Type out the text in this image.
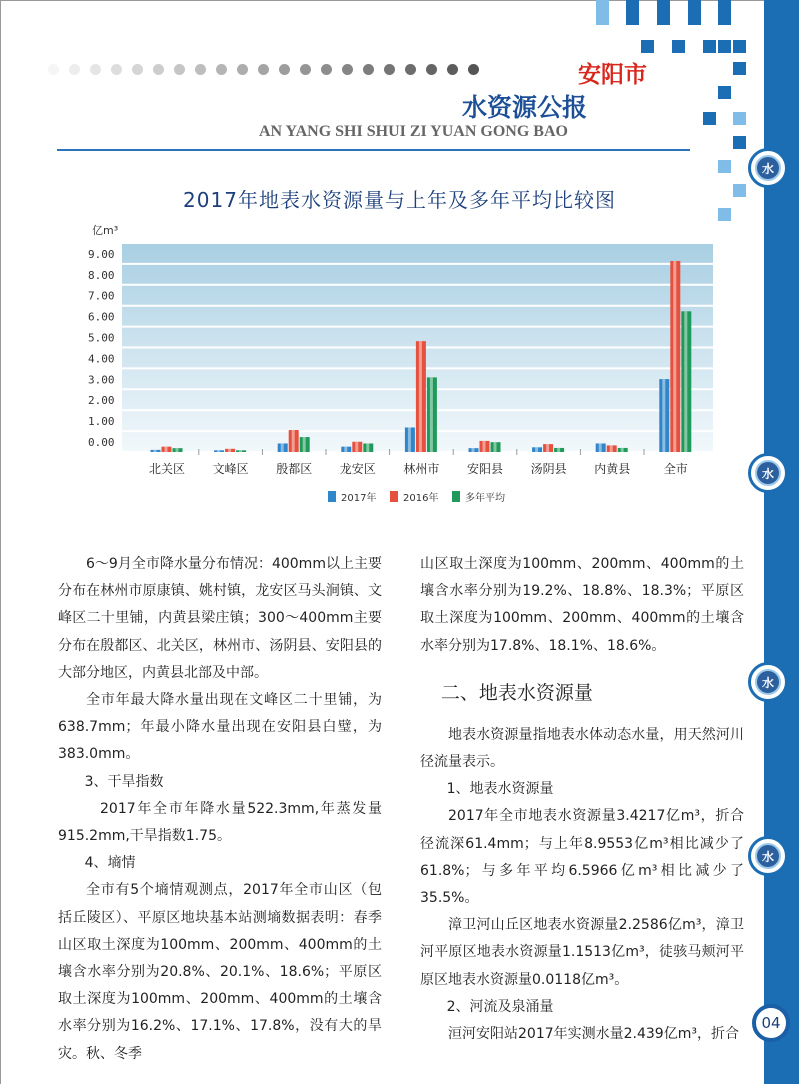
安阳市
水资源公报
AN YANG SHI SHUI ZI YUAN GONG BAO
水
水
水
水
04
2017年地表水资源量与上年及多年平均比较图
0.00
1.00
2.00
3.00
4.00
5.00
6.00
7.00
8.00
9.00
亿m³
北关区 文峰区 殷都区 龙安区 林州市 安阳县 汤阴县 内黄县	全市
2017年	2016年	多年平均

6～9月全市降水量分布情况：400mm以上主要分布在林州市原康镇、姚村镇，龙安区马头涧镇、文峰区二十里铺，内黄县梁庄镇；300～400mm主要分布在殷都区、北关区，林州市、汤阴县、安阳县的大部分地区，内黄县北部及中部。

全市年最大降水量出现在文峰区二十里铺，为638.7mm；年最小降水量出现在安阳县白璧，为383.0mm。

3、干旱指数

2017年全市年降水量522.3mm,年蒸发量915.2mm,干旱指数1.75。

4、墒情

全市有5个墒情观测点，2017年全市山区（包括丘陵区）、平原区地块基本站测墒数据表明：春季山区取土深度为100mm、200mm、400mm的土壤含水率分别为20.8%、20.1%、18.6%；平原区取土深度为100mm、200mm、400mm的土壤含水率分别为16.2%、17.1%、17.8%，没有大的旱灾。秋、冬季

山区取土深度为100mm、200mm、400mm的土壤含水率分别为19.2%、18.8%、18.3%；平原区取土深度为100mm、200mm、400mm的土壤含水率分别为17.8%、18.1%、18.6%。

二、地表水资源量

地表水资源量指地表水体动态水量，用天然河川径流量表示。

1、地表水资源量

2017年全市地表水资源量3.4217亿m³，折合径流深61.4mm；与上年8.9553亿m³相比减少了61.8%；与多年平均6.5966亿m³相比减少了35.5%。

漳卫河山丘区地表水资源量2.2586亿m³，漳卫河平原区地表水资源量1.1513亿m³，徒骇马颊河平原区地表水资源量0.0118亿m³。

2、河流及泉涌量

洹河安阳站2017年实测水量2.439亿m³，折合
